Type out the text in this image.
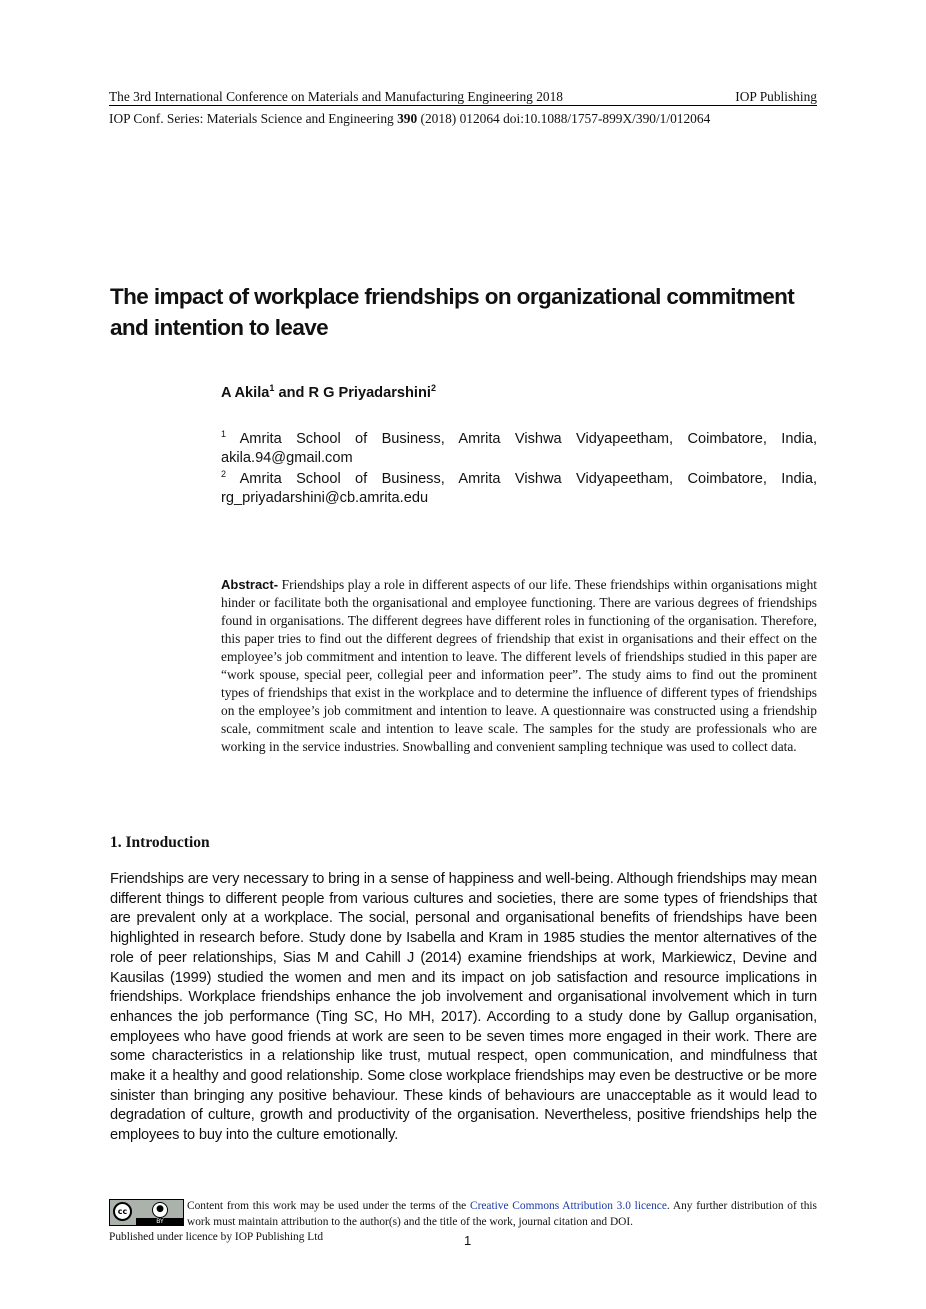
The 3rd International Conference on Materials and Manufacturing Engineering 2018	IOP Publishing
IOP Conf. Series: Materials Science and Engineering 390 (2018) 012064 doi:10.1088/1757-899X/390/1/012064
The impact of workplace friendships on organizational commitment and intention to leave
A Akila$^1$ and R G Priyadarshini$^2$
$^1$ Amrita School of Business, Amrita Vishwa Vidyapeetham, Coimbatore, India,
akila.94@gmail.com
$^2$ Amrita School of Business, Amrita Vishwa Vidyapeetham, Coimbatore, India,
rg_priyadarshini@cb.amrita.edu
Abstract- Friendships play a role in different aspects of our life. These friendships within organisations might hinder or facilitate both the organisational and employee functioning. There are various degrees of friendships found in organisations. The different degrees have different roles in functioning of the organisation. Therefore, this paper tries to find out the different degrees of friendship that exist in organisations and their effect on the employee’s job commitment and intention to leave. The different levels of friendships studied in this paper are “work spouse, special peer, collegial peer and information peer”. The study aims to find out the prominent types of friendships that exist in the workplace and to determine the influence of different types of friendships on the employee’s job commitment and intention to leave. A questionnaire was constructed using a friendship scale, commitment scale and intention to leave scale. The samples for the study are professionals who are working in the service industries. Snowballing and convenient sampling technique was used to collect data.
1. Introduction
Friendships are very necessary to bring in a sense of happiness and well-being. Although friendships may mean different things to different people from various cultures and societies, there are some types of friendships that are prevalent only at a workplace. The social, personal and organisational benefits of friendships have been highlighted in research before. Study done by Isabella and Kram in 1985 studies the mentor alternatives of the role of peer relationships, Sias M and Cahill J (2014) examine friendships at work, Markiewicz, Devine and Kausilas (1999) studied the women and men and its impact on job satisfaction and resource implications in friendships. Workplace friendships enhance the job involvement and organisational involvement which in turn enhances the job performance (Ting SC, Ho MH, 2017). According to a study done by Gallup organisation, employees who have good friends at work are seen to be seven times more engaged in their work. There are some characteristics in a relationship like trust, mutual respect, open communication, and mindfulness that make it a healthy and good relationship. Some close workplace friendships may even be destructive or be more sinister than bringing any positive behaviour. These kinds of behaviours are unacceptable as it would lead to degradation of culture, growth and productivity of the organisation. Nevertheless, positive friendships help the employees to buy into the culture emotionally.
cc	●
BY
Content from this work may be used under the terms of the Creative Commons Attribution 3.0 licence. Any further distribution of this work must maintain attribution to the author(s) and the title of the work, journal citation and DOI.
Published under licence by IOP Publishing Ltd	1
